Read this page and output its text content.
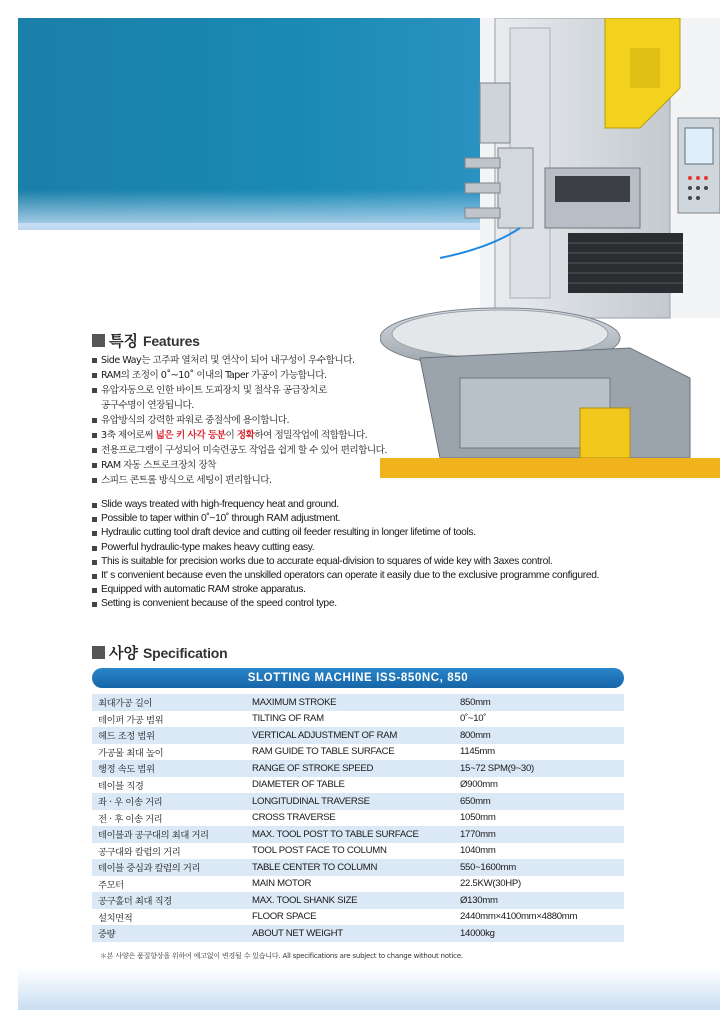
특징 Features
Side Way는 고주파 열처리 및 연삭이 되어 내구성이 우수합니다.
RAM의 조정이 0˚~10˚ 이내의 Taper 가공이 가능합니다.
유압자동으로 인한 바이트 도피장치 및 절삭유 공급장치로
공구수명이 연장됩니다.
유압방식의 강력한 파워로 중절삭에 용이합니다.
3축 제어로써 넓은 키 사각 등분이 정확하여 정밀작업에 적합합니다.
전용프로그램이 구성되어 미숙련공도 작업을 쉽게 할 수 있어 편리합니다.
RAM 자동 스트로크장치 장착
스피드 콘트롤 방식으로 세팅이 편리합니다.
Slide ways treated with high-frequency heat and ground.
Possible to taper within 0˚~10˚ through RAM adjustment.
Hydraulic cutting tool draft device and cutting oil feeder resulting in longer lifetime of tools.
Powerful hydraulic-type makes heavy cutting easy.
This is suitable for precision works due to accurate equal-division to squares of wide key with 3axes control.
It' s convenient because even the unskilled operators can operate it easily due to the exclusive programme configured.
Equipped with automatic RAM stroke apparatus.
Setting is convenient because of the speed control type.
사양 Specification
SLOTTING MACHINE ISS-850NC, 850
최대가공 길이	MAXIMUM STROKE	850mm
테이퍼 가공 범위	TILTING OF RAM	0˚~10˚
헤드 조정 범위	VERTICAL ADJUSTMENT OF RAM	800mm
가공물 최대 높이	RAM GUIDE TO TABLE SURFACE	1145mm
행정 속도 범위	RANGE OF STROKE SPEED	15~72 SPM(9~30)
테이블 직경	DIAMETER OF TABLE	Ø900mm
좌 · 우 이송 거리	LONGITUDINAL TRAVERSE	650mm
전 · 후 이송 거리	CROSS TRAVERSE	1050mm
테이블과 공구대의 최대 거리	MAX. TOOL POST TO TABLE SURFACE	1770mm
공구대와 칼럼의 거리	TOOL POST FACE TO COLUMN	1040mm
테이블 중심과 칼럼의 거리	TABLE CENTER TO COLUMN	550~1600mm
주모터	MAIN MOTOR	22.5KW(30HP)
공구홀더 최대 직경	MAX. TOOL SHANK SIZE	Ø130mm
설치면적	FLOOR SPACE	2440mm×4100mm×4880mm
중량	ABOUT NET WEIGHT	14000kg
＊본 사양은 품질향상을 위하여 예고없이 변경될 수 있습니다. All specifications are subject to change without notice.
